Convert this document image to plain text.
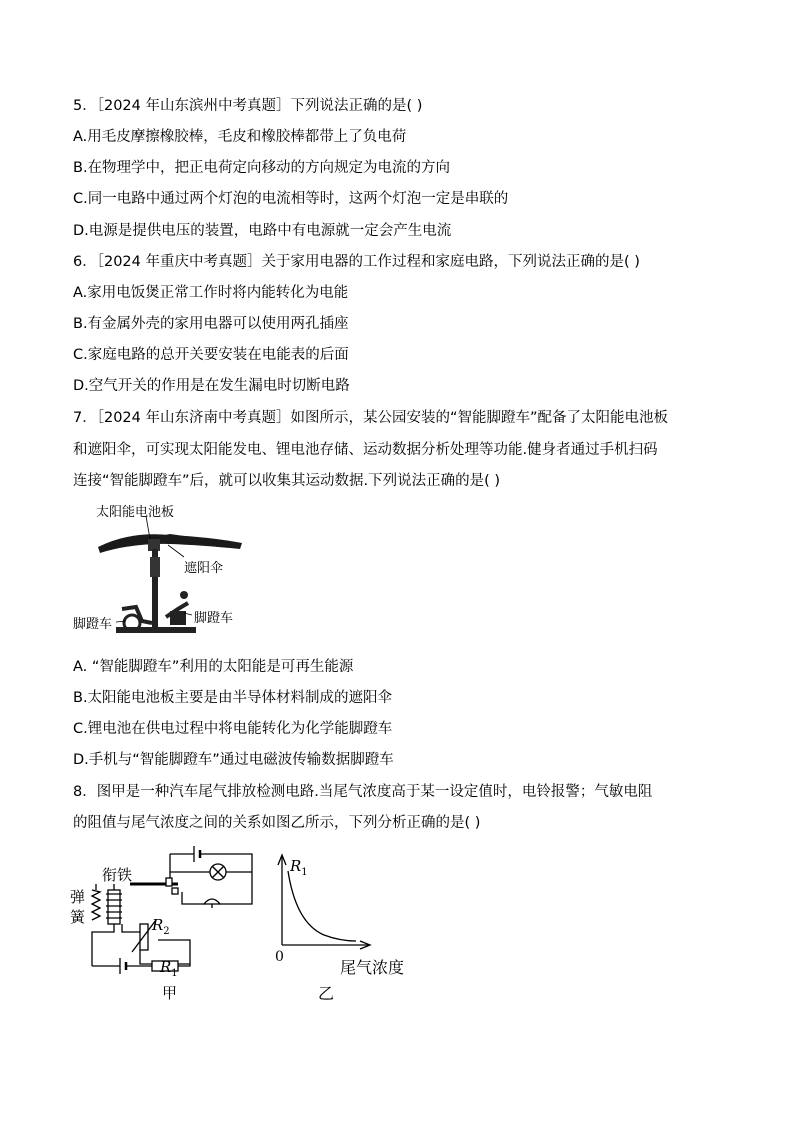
5．［2024 年山东滨州中考真题］下列说法正确的是( )
A.用毛皮摩擦橡胶棒，毛皮和橡胶棒都带上了负电荷
B.在物理学中，把正电荷定向移动的方向规定为电流的方向
C.同一电路中通过两个灯泡的电流相等时，这两个灯泡一定是串联的
D.电源是提供电压的装置，电路中有电源就一定会产生电流
6．［2024 年重庆中考真题］关于家用电器的工作过程和家庭电路，下列说法正确的是( )
A.家用电饭煲正常工作时将内能转化为电能
B.有金属外壳的家用电器可以使用两孔插座
C.家庭电路的总开关要安装在电能表的后面
D.空气开关的作用是在发生漏电时切断电路
7．［2024 年山东济南中考真题］如图所示，某公园安装的“智能脚蹬车”配备了太阳能电池板
和遮阳伞，可实现太阳能发电、锂电池存储、运动数据分析处理等功能.健身者通过手机扫码
连接“智能脚蹬车”后，就可以收集其运动数据.下列说法正确的是( )
太阳能电池板
遮阳伞
脚蹬车	脚蹬车
A. “智能脚蹬车”利用的太阳能是可再生能源
B.太阳能电池板主要是由半导体材料制成的遮阳伞
C.锂电池在供电过程中将电能转化为化学能脚蹬车
D.手机与“智能脚蹬车”通过电磁波传输数据脚蹬车
8．图甲是一种汽车尾气排放检测电路.当尾气浓度高于某一设定值时，电铃报警；气敏电阻
的阻值与尾气浓度之间的关系如图乙所示，下列分析正确的是( )
衔铁
弹
簧	$R_2$
$R_1$
甲
$R_1$
0
尾气浓度
乙
